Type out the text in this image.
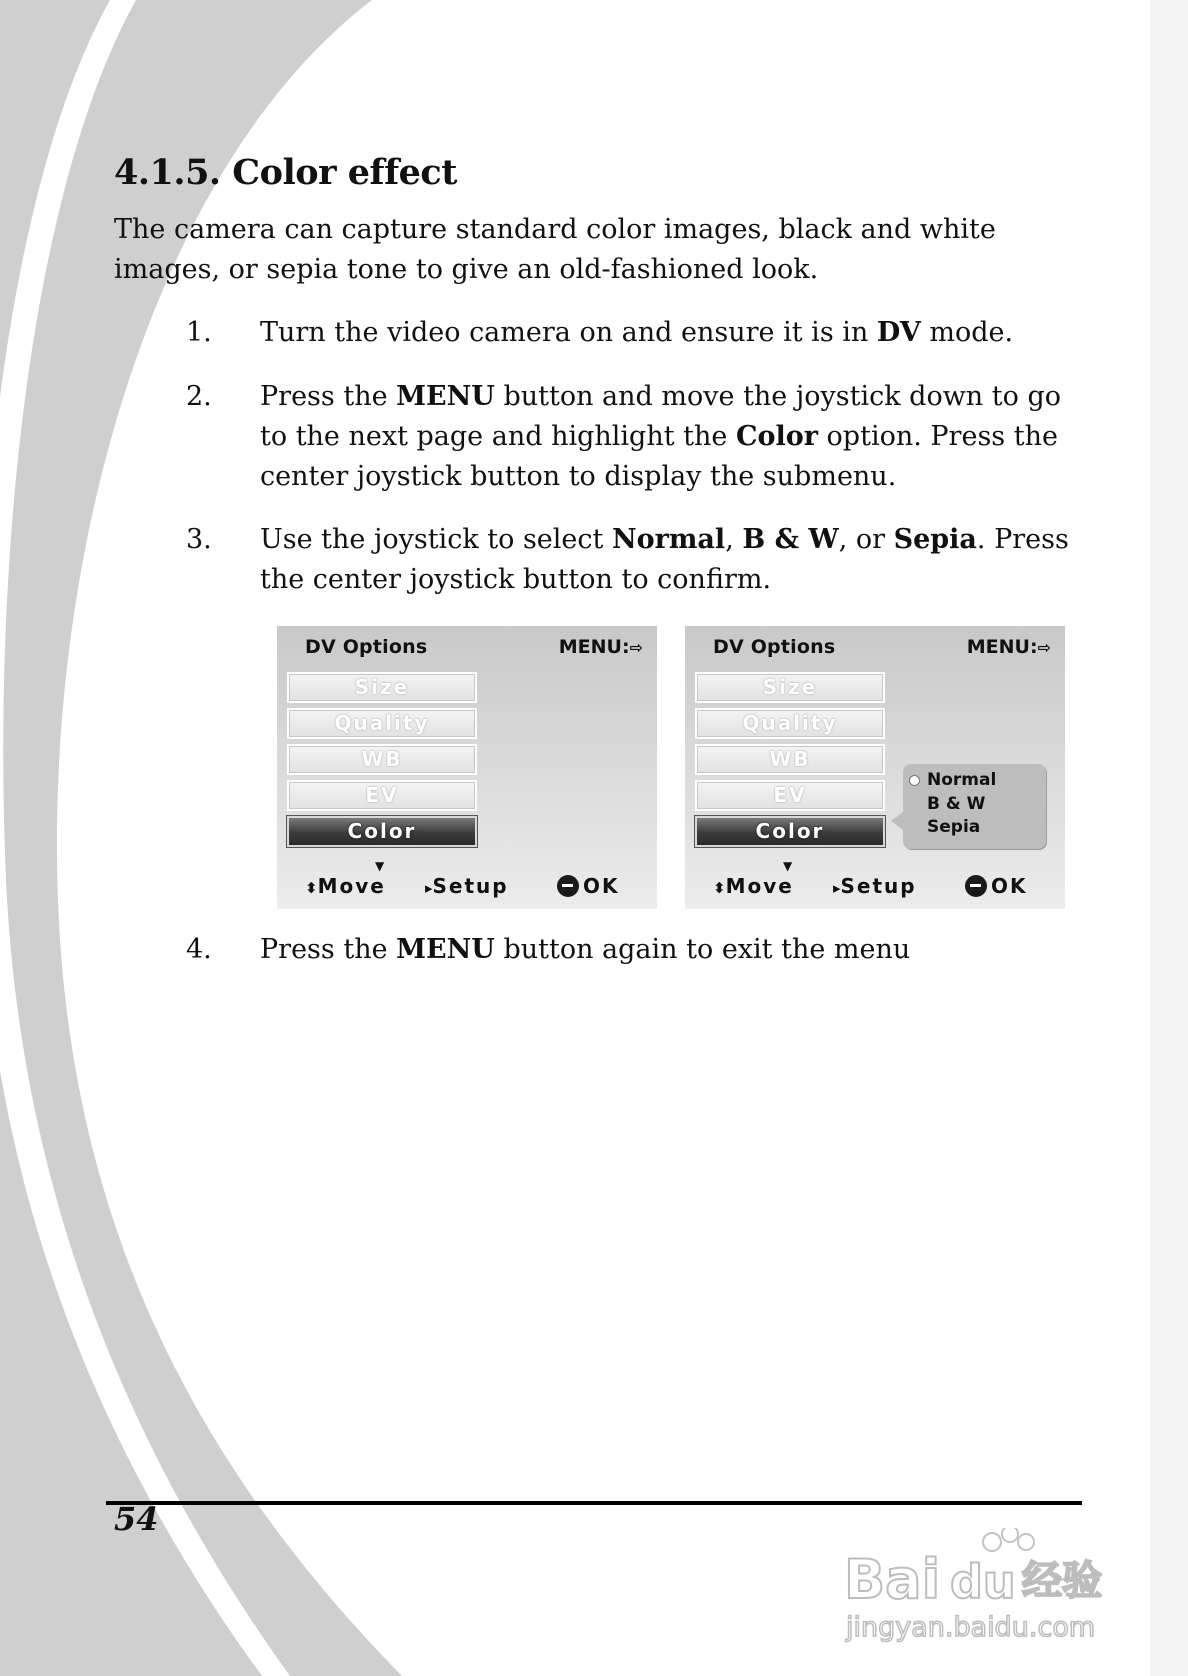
4.1.5. Color effect

The camera can capture standard color images, black and white images, or sepia tone to give an old-fashioned look.

1. Turn the video camera on and ensure it is in DV mode.
2. Press the MENU button and move the joystick down to go to the next page and highlight the Color option. Press the center joystick button to display the submenu.
3. Use the joystick to select Normal, B & W, or Sepia. Press the center joystick button to confirm.
DV Options	MENU:⇨
Size
Quality
WB
EV
Color
▼
⬍Move	▸Setup	OK
DV Options	MENU:⇨
Size
Quality
WB
EV
Color
Normal
B & W
Sepia
▼
⬍Move	▸Setup	OK
4. Press the MENU button again to exit the menu
54
Bai du 经验
jingyan.baidu.com
